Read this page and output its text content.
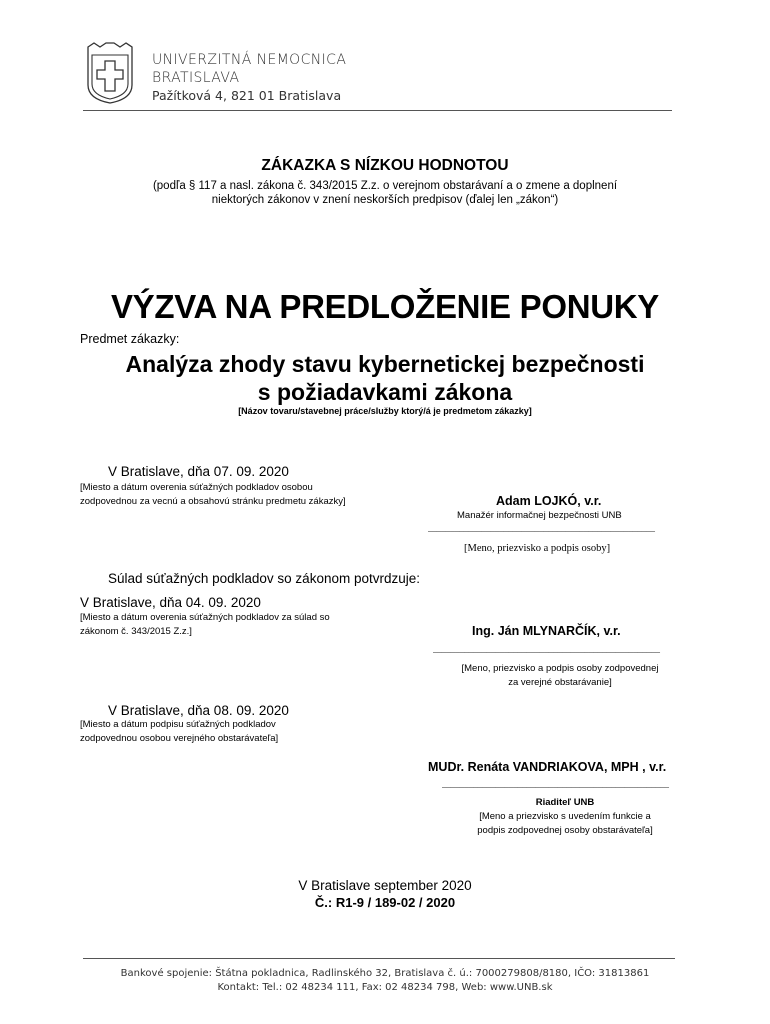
UNIVERZITNÁ NEMOCNICA
BRATISLAVA
Pažítková 4, 821 01 Bratislava
ZÁKAZKA S NÍZKOU HODNOTOU
(podľa § 117 a nasl. zákona č. 343/2015 Z.z. o verejnom obstarávaní a o zmene a doplnení
niektorých zákonov v znení neskorších predpisov (ďalej len „zákon“)
VÝZVA NA PREDLOŽENIE PONUKY
Predmet zákazky:
Analýza zhody stavu kybernetickej bezpečnosti
s požiadavkami zákona
[Názov tovaru/stavebnej práce/služby ktorý/á je predmetom zákazky]
V Bratislave, dňa 07. 09. 2020
[Miesto a dátum overenia súťažných podkladov osobou
zodpovednou za vecnú a obsahovú stránku predmetu zákazky]	Adam LOJKÓ, v.r.
Manažér informačnej bezpečnosti UNB
___________________________________________________
[Meno, priezvisko a podpis osoby]
Súlad súťažných podkladov so zákonom potvrdzuje:
V Bratislave, dňa 04. 09. 2020
[Miesto a dátum overenia súťažných podkladov za súlad so
zákonom č. 343/2015 Z.z.]	Ing. Ján MLYNARČÍK, v.r.
___________________________________________________
[Meno, priezvisko a podpis osoby zodpovednej
za verejné obstarávanie]
V Bratislave, dňa 08. 09. 2020
[Miesto a dátum podpisu súťažných podkladov
zodpovednou osobou verejného obstarávateľa]
MUDr. Renáta VANDRIAKOVA, MPH , v.r.
___________________________________________________
Riaditeľ UNB
[Meno a priezvisko s uvedením funkcie a
podpis zodpovednej osoby obstarávateľa]
V Bratislave september 2020
Č.: R1-9 / 189-02 / 2020
Bankové spojenie: Štátna pokladnica, Radlinského 32, Bratislava č. ú.: 7000279808/8180, IČO: 31813861
Kontakt: Tel.: 02 48234 111, Fax: 02 48234 798, Web: www.UNB.sk
